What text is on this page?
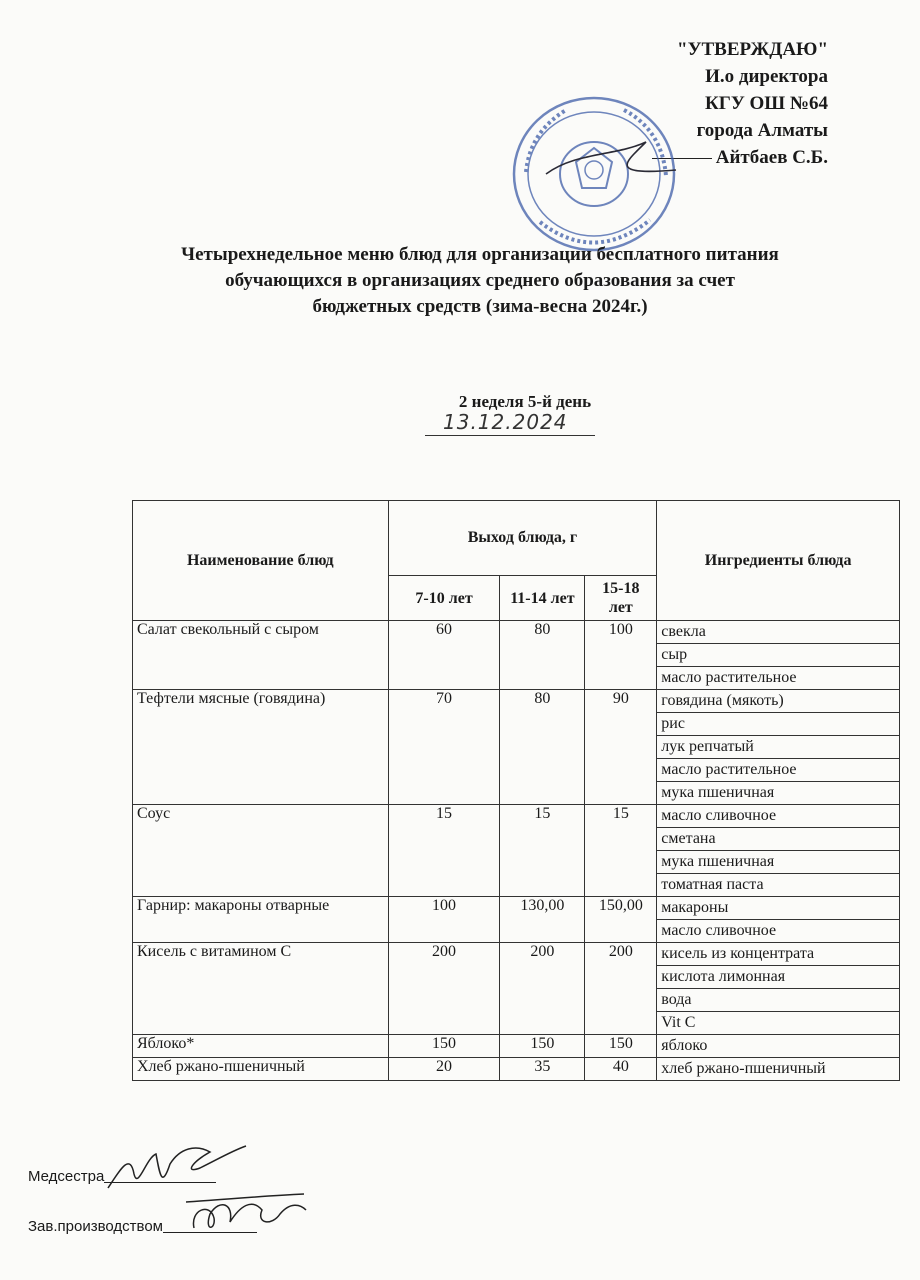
"УТВЕРЖДАЮ"
И.о директора
КГУ ОШ №64
города Алматы
Айтбаев С.Б.
Четырехнедельное меню блюд для организации бесплатного питания
обучающихся в организациях среднего образования за счет
бюджетных средств (зима-весна 2024г.)
2 неделя 5-й день
13.12.2024
Наименование блюд	Выход блюда, г			Ингредиенты блюда
	7-10 лет	11-14 лет	15-18 лет	
Салат свекольный с сыром	60	80	100	свекла
				сыр
				масло растительное
Тефтели мясные (говядина)	70	80	90	говядина (мякоть)
				рис
				лук репчатый
				масло растительное
				мука пшеничная
Соус	15	15	15	масло сливочное
				сметана
				мука пшеничная
				томатная паста
Гарнир: макароны отварные	100	130,00	150,00	макароны
				масло сливочное
Кисель с витамином С	200	200	200	кисель из концентрата
				кислота лимонная
				вода
				Vit C
Яблоко*	150	150	150	яблоко
Хлеб ржано-пшеничный	20	35	40	хлеб ржано-пшеничный
Медсестра
Зав.производством
